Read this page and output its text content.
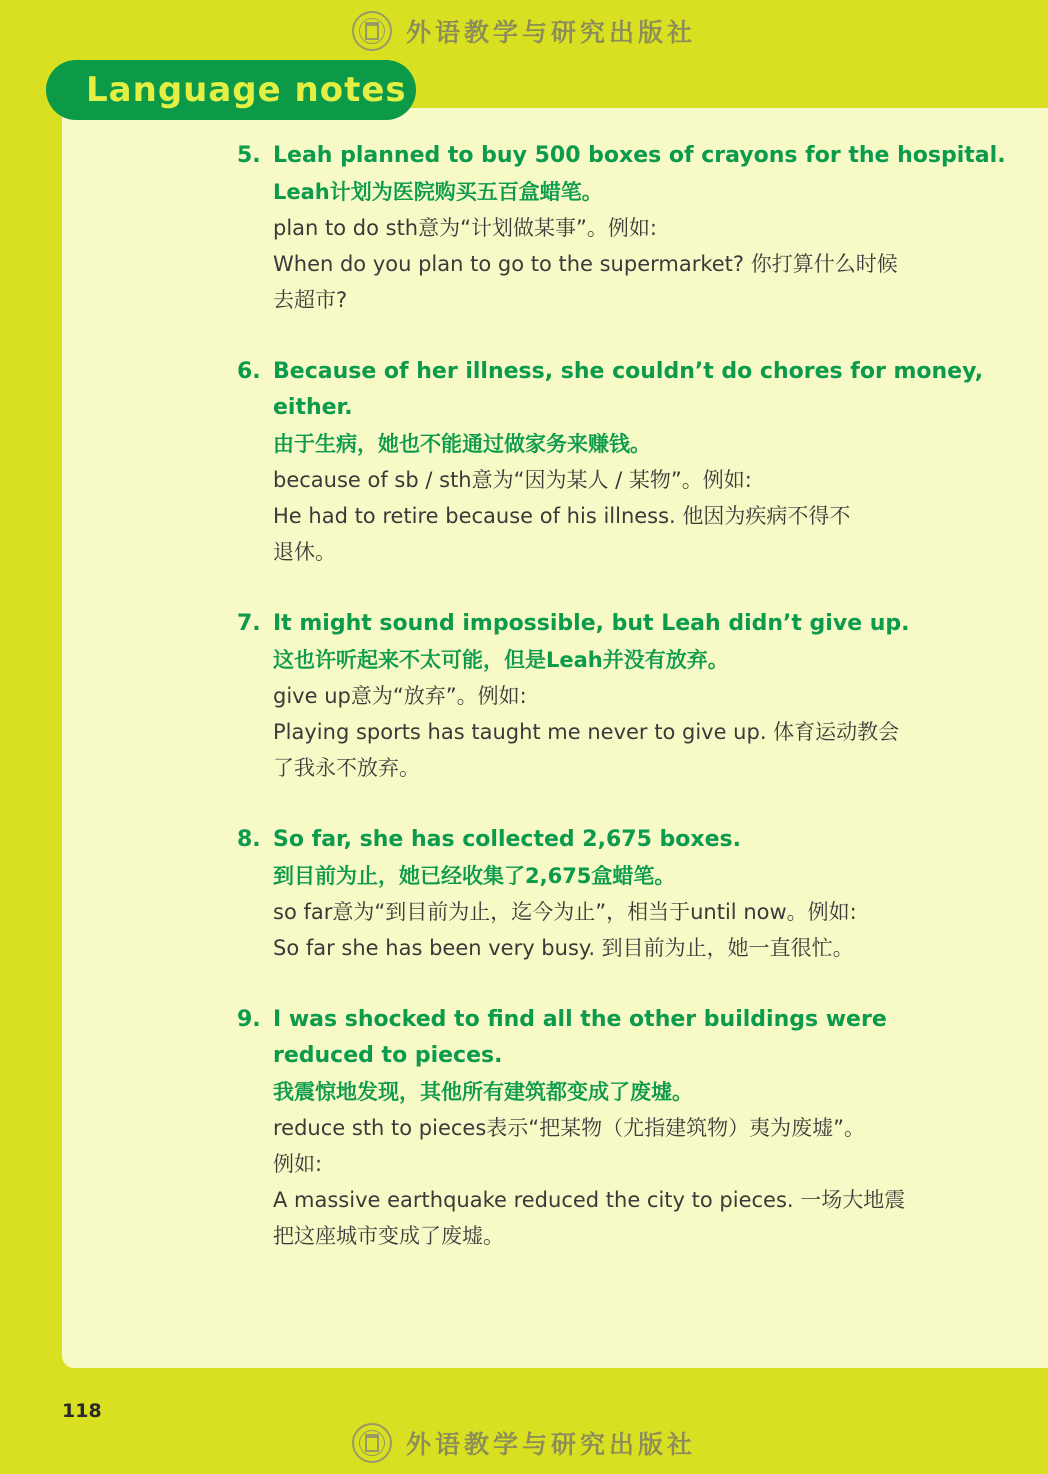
外语教学与研究出版社
Language notes
5. Leah planned to buy 500 boxes of crayons for the hospital.
Leah计划为医院购买五百盒蜡笔。
plan to do sth意为“计划做某事”。例如:
When do you plan to go to the supermarket? 你打算什么时候
去超市?
6. Because of her illness, she couldn’t do chores for money,
either.
由于生病，她也不能通过做家务来赚钱。
because of sb / sth意为“因为某人 / 某物”。例如:
He had to retire because of his illness. 他因为疾病不得不
退休。
7. It might sound impossible, but Leah didn’t give up.
这也许听起来不太可能，但是Leah并没有放弃。
give up意为“放弃”。例如:
Playing sports has taught me never to give up. 体育运动教会
了我永不放弃。
8. So far, she has collected 2,675 boxes.
到目前为止，她已经收集了2,675盒蜡笔。
so far意为“到目前为止，迄今为止”，相当于until now。例如:
So far she has been very busy. 到目前为止，她一直很忙。
9. I was shocked to find all the other buildings were
reduced to pieces.
我震惊地发现，其他所有建筑都变成了废墟。
reduce sth to pieces表示“把某物（尤指建筑物）夷为废墟”。
例如:
A massive earthquake reduced the city to pieces. 一场大地震
把这座城市变成了废墟。
118
外语教学与研究出版社
